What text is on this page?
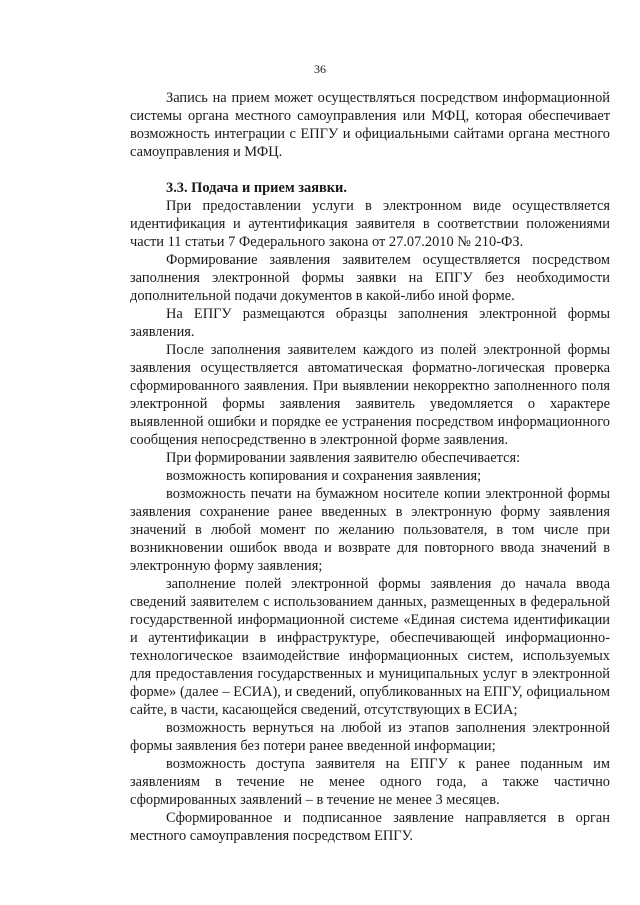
36

Запись на прием может осуществляться посредством информационной системы органа местного самоуправления или МФЦ, которая обеспечивает возможность интеграции с ЕПГУ и официальными сайтами органа местного самоуправления и МФЦ.

3.3. Подача и прием заявки.

При предоставлении услуги в электронном виде осуществляется идентификация и аутентификация заявителя в соответствии положениями части 11 статьи 7 Федерального закона от 27.07.2010 № 210-ФЗ.

Формирование заявления заявителем осуществляется посредством заполнения электронной формы заявки на ЕПГУ без необходимости дополнительной подачи документов в какой-либо иной форме.

На ЕПГУ размещаются образцы заполнения электронной формы заявления.

После заполнения заявителем каждого из полей электронной формы заявления осуществляется автоматическая форматно-логическая проверка сформированного заявления. При выявлении некорректно заполненного поля электронной формы заявления заявитель уведомляется о характере выявленной ошибки и порядке ее устранения посредством информационного сообщения непосредственно в электронной форме заявления.

При формировании заявления заявителю обеспечивается:

возможность копирования и сохранения заявления;

возможность печати на бумажном носителе копии электронной формы заявления сохранение ранее введенных в электронную форму заявления значений в любой момент по желанию пользователя, в том числе при возникновении ошибок ввода и возврате для повторного ввода значений в электронную форму заявления;

заполнение полей электронной формы заявления до начала ввода сведений заявителем с использованием данных, размещенных в федеральной государственной информационной системе «Единая система идентификации и аутентификации в инфраструктуре, обеспечивающей информационно-технологическое взаимодействие информационных систем, используемых для предоставления государственных и муниципальных услуг в электронной форме» (далее – ЕСИА), и сведений, опубликованных на ЕПГУ, официальном сайте, в части, касающейся сведений, отсутствующих в ЕСИА;

возможность вернуться на любой из этапов заполнения электронной формы заявления без потери ранее введенной информации;

возможность доступа заявителя на ЕПГУ к ранее поданным им заявлениям в течение не менее одного года, а также частично сформированных заявлений – в течение не менее 3 месяцев.

Сформированное и подписанное заявление направляется в орган местного самоуправления посредством ЕПГУ.
